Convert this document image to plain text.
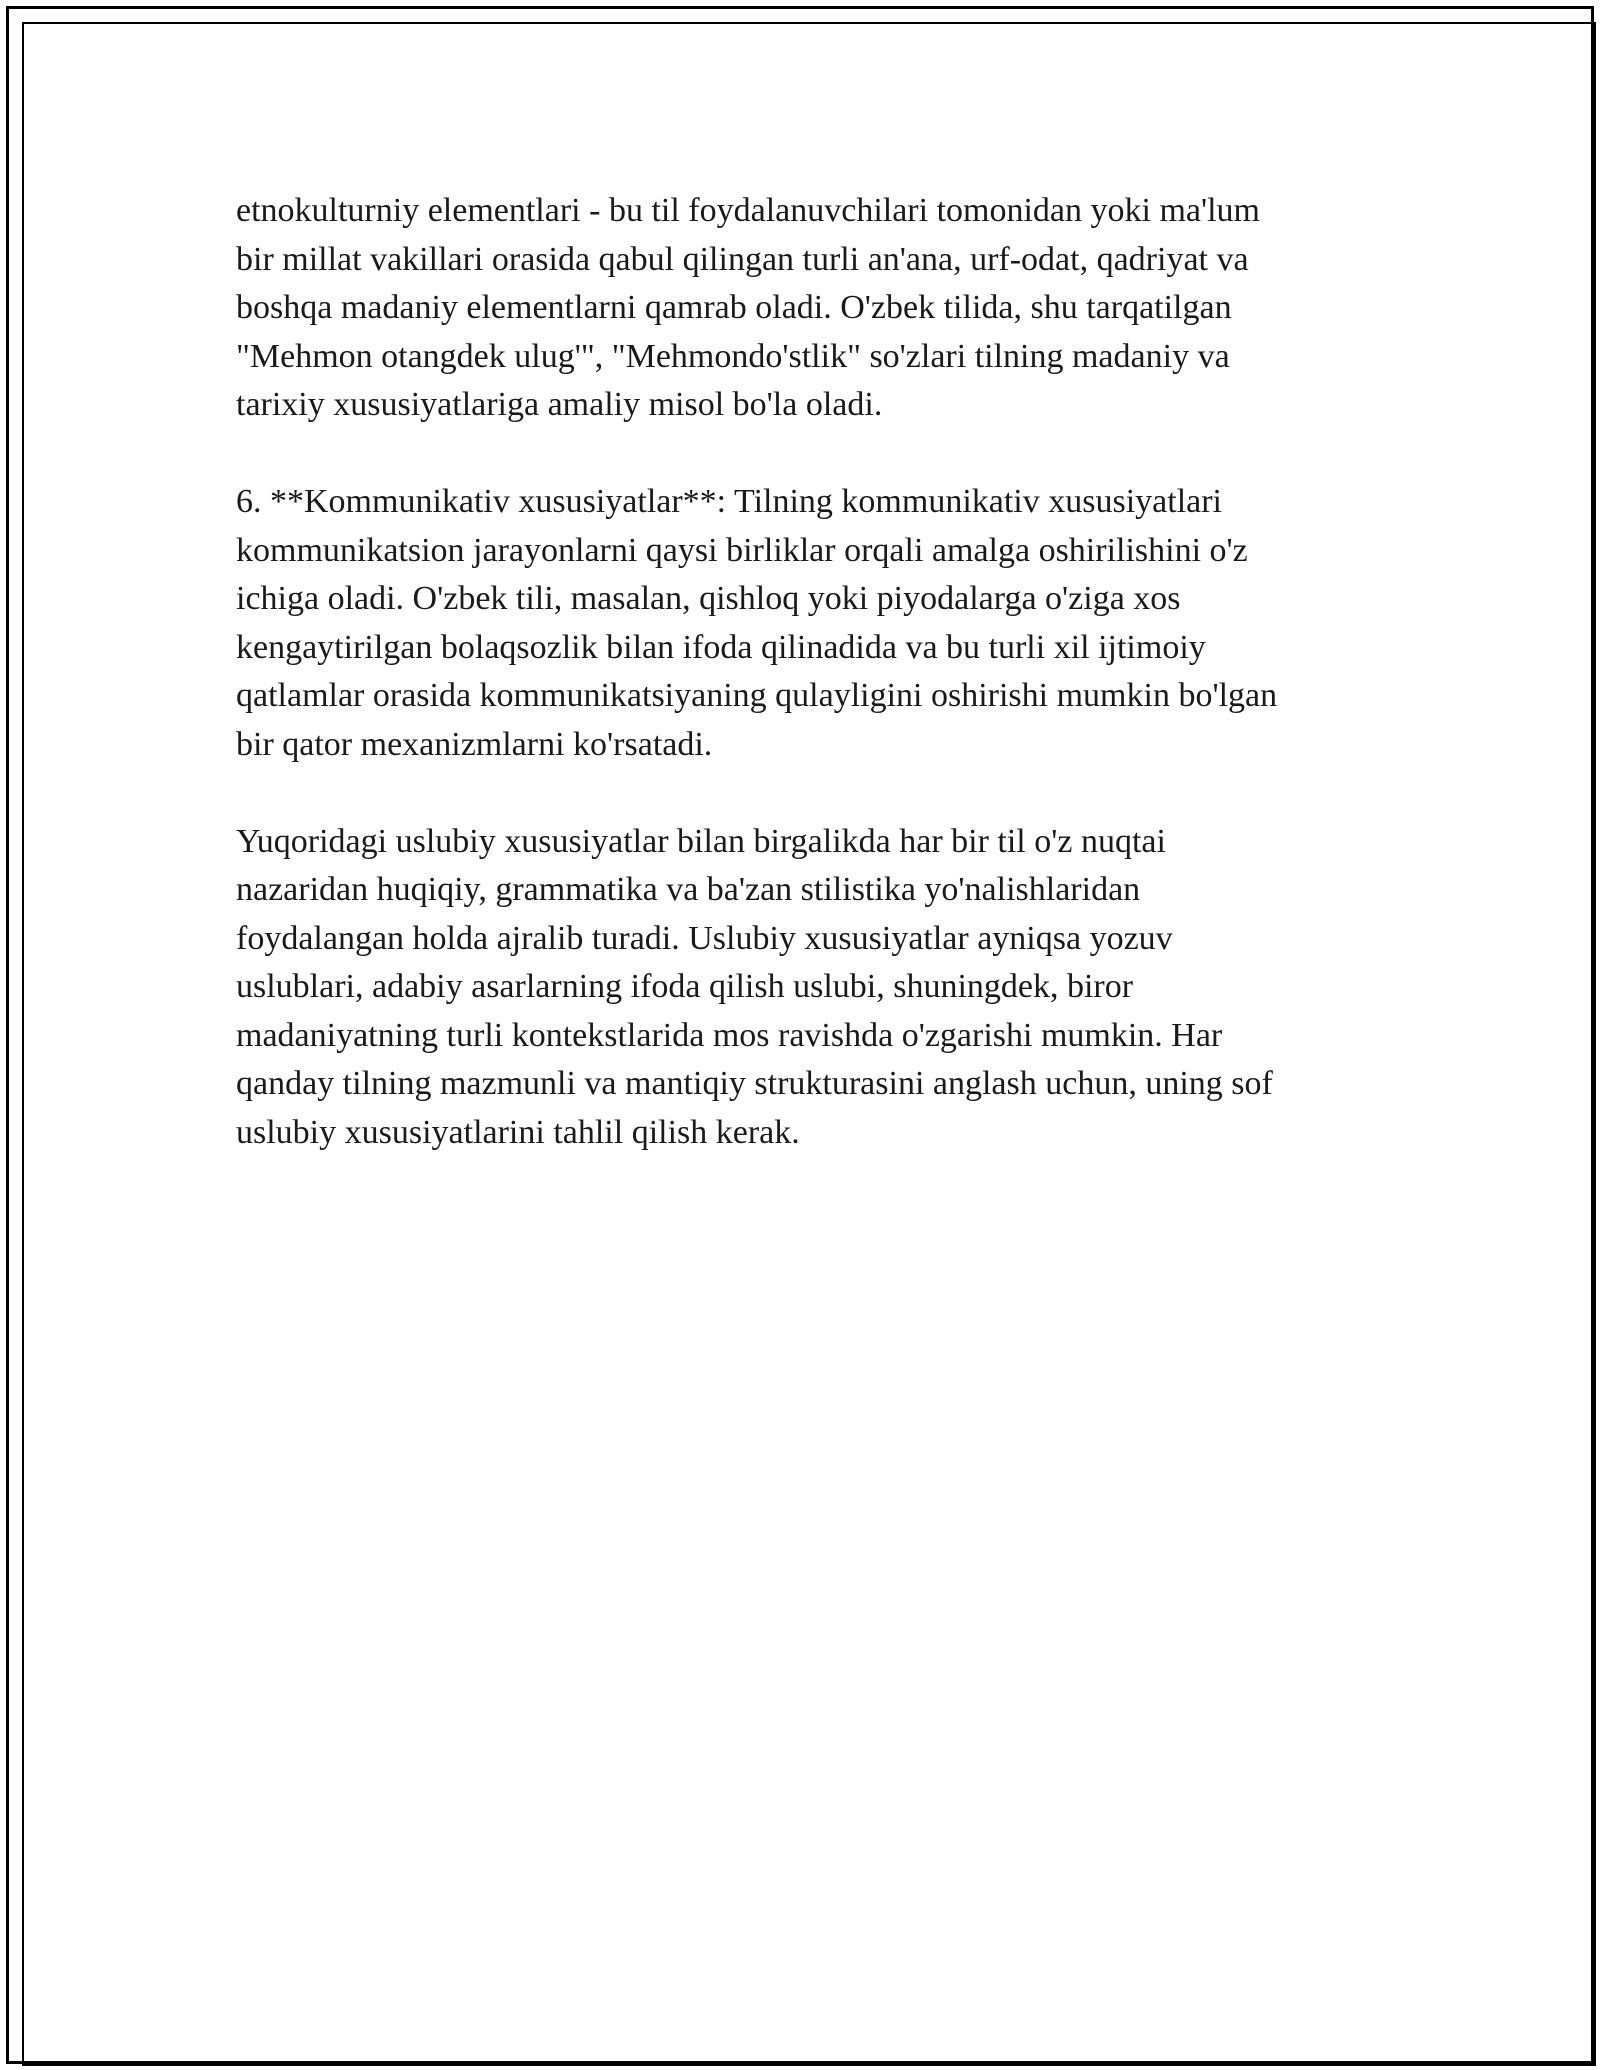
etnokulturniy elementlari - bu til foydalanuvchilari tomonidan yoki ma'lum
bir millat vakillari orasida qabul qilingan turli an'ana, urf-odat, qadriyat va
boshqa madaniy elementlarni qamrab oladi. O'zbek tilida, shu tarqatilgan
"Mehmon otangdek ulug'", "Mehmondo'stlik" so'zlari tilning madaniy va
tarixiy xususiyatlariga amaliy misol bo'la oladi.
6. **Kommunikativ xususiyatlar**: Tilning kommunikativ xususiyatlari
kommunikatsion jarayonlarni qaysi birliklar orqali amalga oshirilishini o'z
ichiga oladi. O'zbek tili, masalan, qishloq yoki piyodalarga o'ziga xos
kengaytirilgan bolaqsozlik bilan ifoda qilinadida va bu turli xil ijtimoiy
qatlamlar orasida kommunikatsiyaning qulayligini oshirishi mumkin bo'lgan
bir qator mexanizmlarni ko'rsatadi.
Yuqoridagi uslubiy xususiyatlar bilan birgalikda har bir til o'z nuqtai
nazaridan huqiqiy, grammatika va ba'zan stilistika yo'nalishlaridan
foydalangan holda ajralib turadi. Uslubiy xususiyatlar ayniqsa yozuv
uslublari, adabiy asarlarning ifoda qilish uslubi, shuningdek, biror
madaniyatning turli kontekstlarida mos ravishda o'zgarishi mumkin. Har
qanday tilning mazmunli va mantiqiy strukturasini anglash uchun, uning sof
uslubiy xususiyatlarini tahlil qilish kerak.
